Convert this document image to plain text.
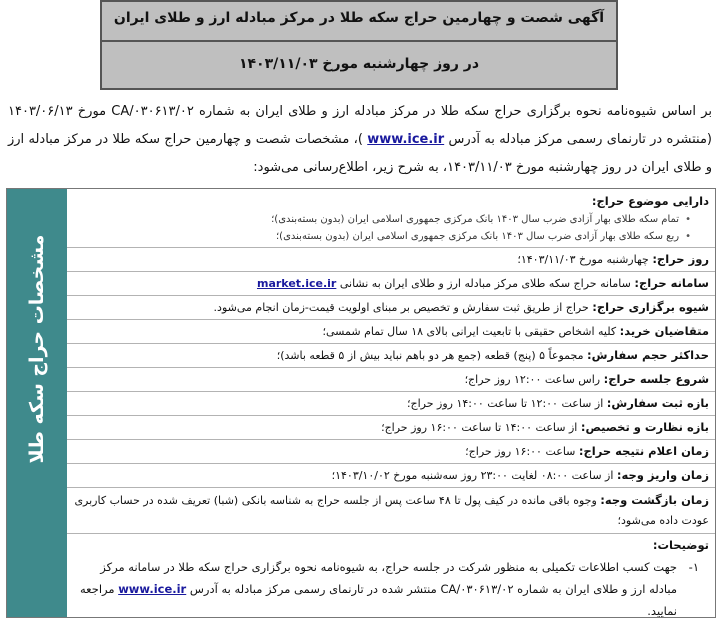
آگهی شصت و چهارمین حراج سکه طلا در مرکز مبادله ارز و طلای ایران
در روز چهارشنبه مورخ ۱۴۰۳/۱۱/۰۳

بر اساس شیوه‌نامه نحوه برگزاری حراج سکه طلا در مرکز مبادله ارز و طلای ایران به شماره CA/۰۳۰۶۱۳/۰۲ مورخ ۱۴۰۳/۰۶/۱۳ (منتشره در تارنمای رسمی مرکز مبادله به آدرس www.ice.ir )، مشخصات شصت و چهارمین حراج سکه طلا در مرکز مبادله ارز و طلای ایران در روز چهارشنبه مورخ ۱۴۰۳/۱۱/۰۳، به شرح زیر، اطلاع‌رسانی می‌شود:

مشخصات حراج سکه طلا
دارایی موضوع حراج:
• تمام سکه طلای بهار آزادی ضرب سال ۱۴۰۳ بانک مرکزی جمهوری اسلامی ایران (بدون بسته‌بندی)؛
• ربع سکه طلای بهار آزادی ضرب سال ۱۴۰۳ بانک مرکزی جمهوری اسلامی ایران (بدون بسته‌بندی)؛
روز حراج: چهارشنبه مورخ ۱۴۰۳/۱۱/۰۳؛
سامانه حراج: سامانه حراج سکه طلای مرکز مبادله ارز و طلای ایران به نشانی market.ice.ir
شیوه برگزاری حراج: حراج از طریق ثبت سفارش و تخصیص بر مبنای اولویت قیمت-زمان انجام می‌شود.
متقاضیان خرید: کلیه اشخاص حقیقی با تابعیت ایرانی بالای ۱۸ سال تمام شمسی؛
حداکثر حجم سفارش: مجموعاً ۵ (پنج) قطعه (جمع هر دو باهم نباید بیش از ۵ قطعه باشد)؛
شروع جلسه حراج: راس ساعت ۱۲:۰۰ روز حراج؛
بازه ثبت سفارش: از ساعت ۱۲:۰۰ تا ساعت ۱۴:۰۰ روز حراج؛
بازه نظارت و تخصیص: از ساعت ۱۴:۰۰ تا ساعت ۱۶:۰۰ روز حراج؛
زمان اعلام نتیجه حراج: ساعت ۱۶:۰۰ روز حراج؛
زمان واریز وجه: از ساعت ۰۸:۰۰ لغایت ۲۳:۰۰ روز سه‌شنبه مورخ ۱۴۰۳/۱۰/۰۲؛
زمان بازگشت وجه: وجوه باقی مانده در کیف پول تا ۴۸ ساعت پس از جلسه حراج به شناسه بانکی (شبا) تعریف شده در حساب کاربری عودت داده می‌شود؛
توضیحات:
۱-
جهت کسب اطلاعات تکمیلی به منظور شرکت در جلسه حراج، به شیوه‌نامه نحوه برگزاری حراج سکه طلا در سامانه مرکز مبادله ارز و طلای ایران به شماره CA/۰۳۰۶۱۳/۰۲ منتشر شده در تارنمای رسمی مرکز مبادله به آدرس www.ice.ir مراجعه نمایید.
